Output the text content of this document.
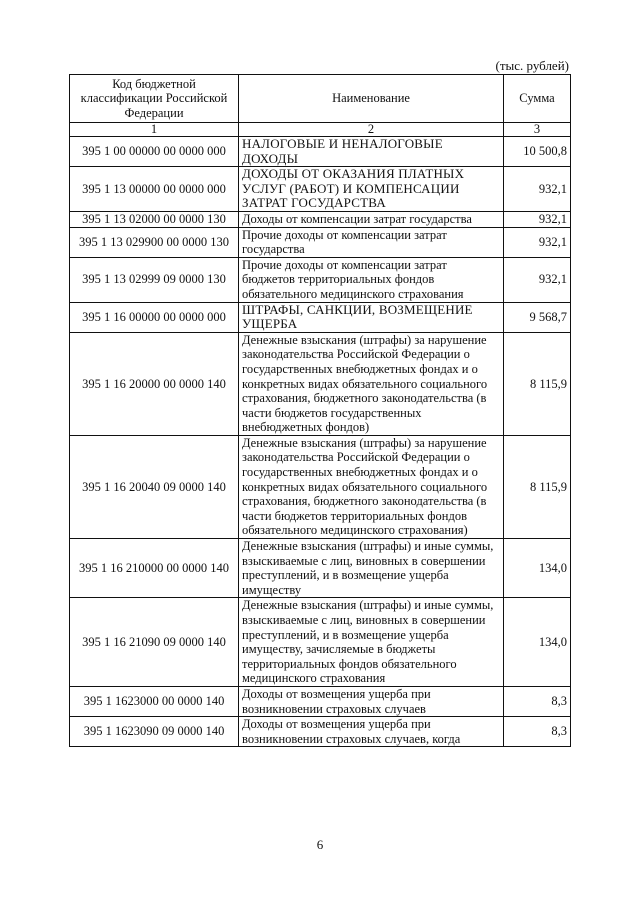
(тыс. рублей)
Код бюджетной классификации Российской Федерации	Наименование	Сумма
1	2	3
395 1 00 00000 00 0000 000	НАЛОГОВЫЕ И НЕНАЛОГОВЫЕ ДОХОДЫ	10 500,8
395 1 13 00000 00 0000 000	ДОХОДЫ ОТ ОКАЗАНИЯ ПЛАТНЫХ УСЛУГ (РАБОТ) И КОМПЕНСАЦИИ ЗАТРАТ ГОСУДАРСТВА	932,1
395 1 13 02000 00 0000 130	Доходы от компенсации затрат государства	932,1
395 1 13 029900 00 0000 130	Прочие доходы от компенсации затрат государства	932,1
395 1 13 02999 09 0000 130	Прочие доходы от компенсации затрат бюджетов территориальных фондов обязательного медицинского страхования	932,1
395 1 16 00000 00 0000 000	ШТРАФЫ, САНКЦИИ, ВОЗМЕЩЕНИЕ УЩЕРБА	9 568,7
395 1 16 20000 00 0000 140	Денежные взыскания (штрафы) за нарушение законодательства Российской Федерации о государственных внебюджетных фондах и о конкретных видах обязательного социального страхования, бюджетного законодательства (в части бюджетов государственных внебюджетных фондов)	8 115,9
395 1 16 20040 09 0000 140	Денежные взыскания (штрафы) за нарушение законодательства Российской Федерации о государственных внебюджетных фондах и о конкретных видах обязательного социального страхования, бюджетного законодательства (в части бюджетов территориальных фондов обязательного медицинского страхования)	8 115,9
395 1 16 210000 00 0000 140	Денежные взыскания (штрафы) и иные суммы, взыскиваемые с лиц, виновных в совершении преступлений, и в возмещение ущерба имуществу	134,0
395 1 16 21090 09 0000 140	Денежные взыскания (штрафы) и иные суммы, взыскиваемые с лиц, виновных в совершении преступлений, и в возмещение ущерба имуществу, зачисляемые в бюджеты территориальных фондов обязательного медицинского страхования	134,0
395 1 1623000 00 0000 140	Доходы от возмещения ущерба при возникновении страховых случаев	8,3
395 1 1623090 09 0000 140	Доходы от возмещения ущерба при возникновении страховых случаев, когда	8,3
6
